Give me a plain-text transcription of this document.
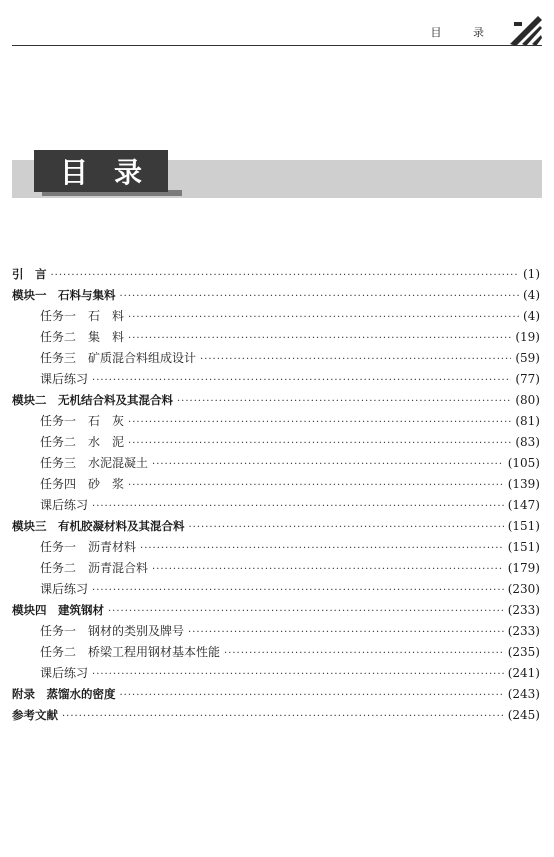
目 录
目录
引　言 ·····	(1)
模块一　石料与集料 ·····	(4)
任务一　石　料 ·····	(4)
任务二　集　料 ·····	(19)
任务三　矿质混合料组成设计 ·····	(59)
课后练习 ·····	(77)
模块二　无机结合料及其混合料 ·····	(80)
任务一　石　灰 ·····	(81)
任务二　水　泥 ·····	(83)
任务三　水泥混凝土 ·····	(105)
任务四　砂　浆 ·····	(139)
课后练习 ·····	(147)
模块三　有机胶凝材料及其混合料 ·····	(151)
任务一　沥青材料 ·····	(151)
任务二　沥青混合料 ·····	(179)
课后练习 ·····	(230)
模块四　建筑钢材 ·····	(233)
任务一　钢材的类别及牌号 ·····	(233)
任务二　桥梁工程用钢材基本性能 ·····	(235)
课后练习 ·····	(241)
附录　蒸馏水的密度 ·····	(243)
参考文献 ·····	(245)
